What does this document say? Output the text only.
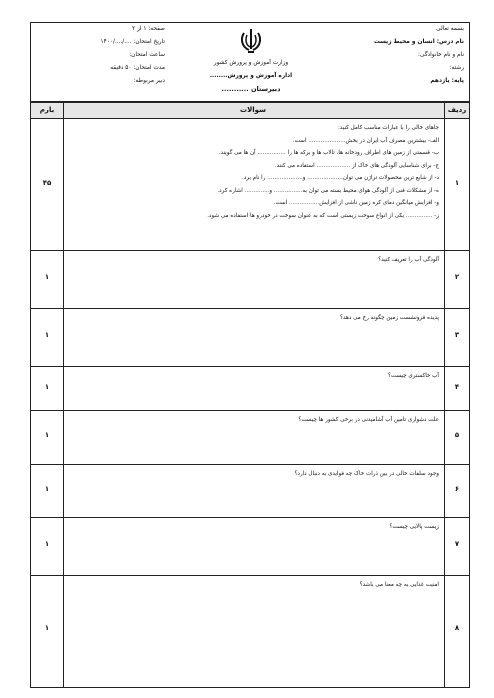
بسمه تعالی
نام درس: انسان و محیط زیست
نام و نام خانوادگی:
رشته:
پایه: یازدهم
وزارت آموزش و پرورش کشور
اداره آموزش و پرورش........
دبیرستان ...........
صفحه: ۱ از ۲
تاریخ امتحان: ..../..../۱۴۰۰
ساعت امتحان:
مدت امتحان: ۵۰ دقیقه
دبیر مربوطه:
ردیف
سوالات
بارم
۱
۴۵
جاهای خالی را با عبارات مناسب کامل کنید:
الف- بیشترین مصرف آب ایران در بخش..................... است.
ب- قسمتی از زمین های اطراف رودخانه ها، تالاب ها و برکه ها را ................ آن ها می گویند.
ج- برای شناسایی آلودگی های خاک از ................... استفاده می کنند.
د- از شایع ترین محصولات تراژن می توان.................... و.................... را نام برد.
ه- از مشکلات فنی از آلودگی هوای محیط بسته می توان به................ و.............. اشاره کرد.
و- افزایش میانگین دمای کره زمین ناشی از افزایش................. است.
ز- ............... یکی از انواع سوخت زیستی است که به عنوان سوخت در خودرو ها استفاده می شود.
۲
۱
آلودگی آب را تعریف کنید؟
۳
۱
پدیده فرونشست زمین چگونه رخ می دهد؟
۴
۱
آب خاکستری چیست؟
۵
۱
علت دشواری تامین آب آشامیدنی در برخی کشور ها چیست؟
۶
۱
وجود سلفات خالی در بین ذرات خاک چه فوایدی به دنبال دارد؟
۷
۱
زیست پالایی چیست؟
۸
۱
امنیت غذایی به چه معنا می باشد؟
